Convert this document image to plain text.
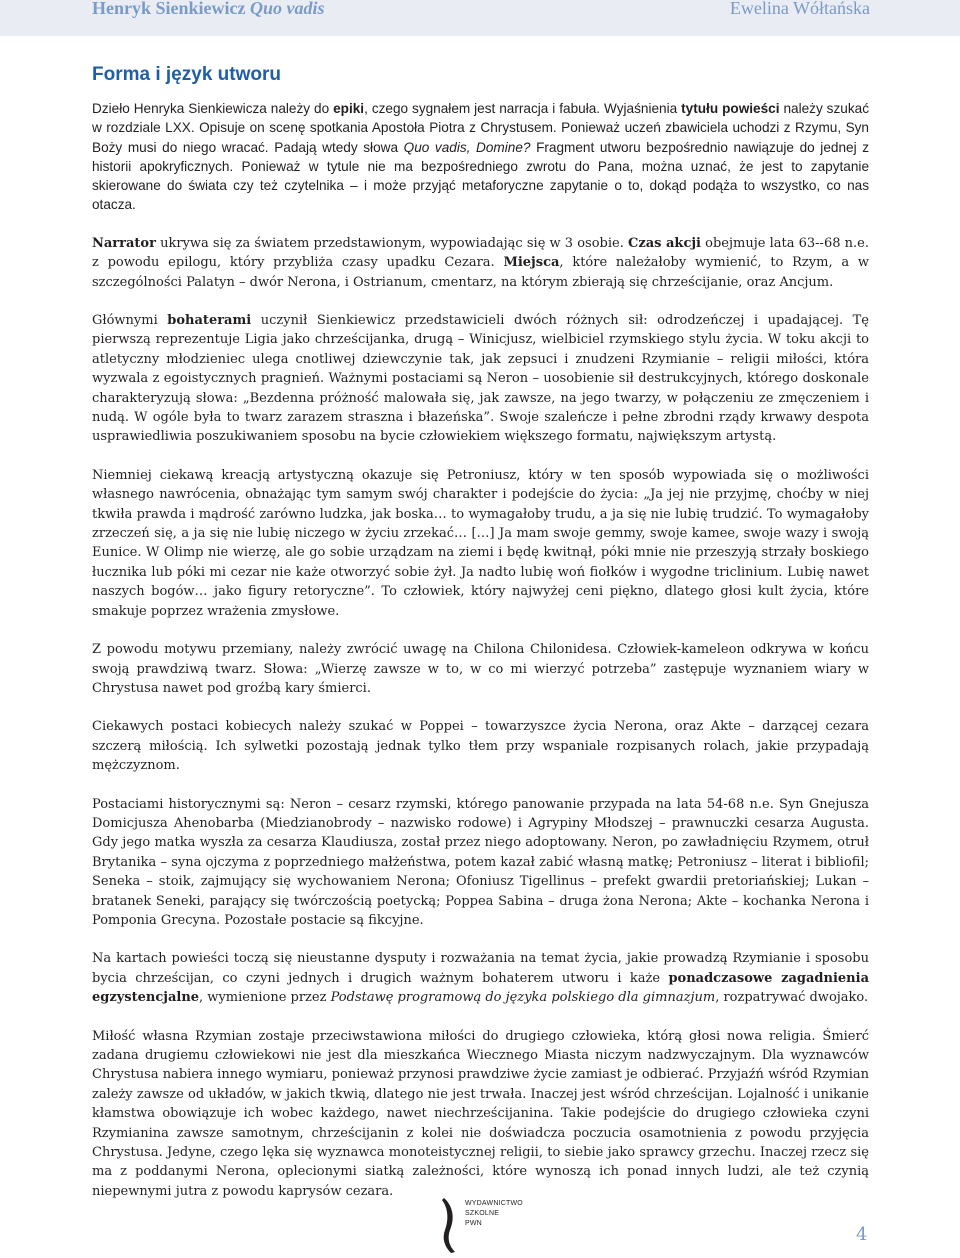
Henryk Sienkiewicz Quo vadis	Ewelina Wółtańska
Forma i język utworu

Dzieło Henryka Sienkiewicza należy do epiki, czego sygnałem jest narracja i fabuła. Wyjaśnienia tytułu powieści należy szukać w rozdziale LXX. Opisuje on scenę spotkania Apostoła Piotra z Chrystusem. Ponieważ uczeń zbawiciela uchodzi z Rzymu, Syn Boży musi do niego wracać. Padają wtedy słowa Quo vadis, Domine? Fragment utworu bezpośrednio nawiązuje do jednej z historii apokryficznych. Ponieważ w tytule nie ma bezpośredniego zwrotu do Pana, można uznać, że jest to zapytanie skierowane do świata czy też czytelnika – i może przyjąć metaforyczne zapytanie o to, dokąd podąża to wszystko, co nas otacza.

Narrator ukrywa się za światem przedstawionym, wypowiadając się w 3 osobie. Czas akcji obejmuje lata 63--68 n.e. z powodu epilogu, który przybliża czasy upadku Cezara. Miejsca, które należałoby wymienić, to Rzym, a w szczególności Palatyn – dwór Nerona, i Ostrianum, cmentarz, na którym zbierają się chrześcijanie, oraz Ancjum.

Głównymi bohaterami uczynił Sienkiewicz przedstawicieli dwóch różnych sił: odrodzeńczej i upadającej. Tę pierwszą reprezentuje Ligia jako chrześcijanka, drugą – Winicjusz, wielbiciel rzymskiego stylu życia. W toku akcji to atletyczny młodzieniec ulega cnotliwej dziewczynie tak, jak zepsuci i znudzeni Rzymianie – religii miłości, która wyzwala z egoistycznych pragnień. Ważnymi postaciami są Neron – uosobienie sił destrukcyjnych, którego doskonale charakteryzują słowa: „Bezdenna próżność malowała się, jak zawsze, na jego twarzy, w połączeniu ze zmęczeniem i nudą. W ogóle była to twarz zarazem straszna i błazeńska”. Swoje szaleńcze i pełne zbrodni rządy krwawy despota usprawiedliwia poszukiwaniem sposobu na bycie człowiekiem większego formatu, największym artystą.

Niemniej ciekawą kreacją artystyczną okazuje się Petroniusz, który w ten sposób wypowiada się o możliwości własnego nawrócenia, obnażając tym samym swój charakter i podejście do życia: „Ja jej nie przyjmę, choćby w niej tkwiła prawda i mądrość zarówno ludzka, jak boska… to wymagałoby trudu, a ja się nie lubię trudzić. To wymagałoby zrzeczeń się, a ja się nie lubię niczego w życiu zrzekać… […] Ja mam swoje gemmy, swoje kamee, swoje wazy i swoją Eunice. W Olimp nie wierzę, ale go sobie urządzam na ziemi i będę kwitnął, póki mnie nie przeszyją strzały boskiego łucznika lub póki mi cezar nie każe otworzyć sobie żył. Ja nadto lubię woń fiołków i wygodne triclinium. Lubię nawet naszych bogów… jako figury retoryczne”. To człowiek, który najwyżej ceni piękno, dlatego głosi kult życia, które smakuje poprzez wrażenia zmysłowe.

Z powodu motywu przemiany, należy zwrócić uwagę na Chilona Chilonidesa. Człowiek-kameleon odkrywa w końcu swoją prawdziwą twarz. Słowa: „Wierzę zawsze w to, w co mi wierzyć potrzeba” zastępuje wyznaniem wiary w Chrystusa nawet pod groźbą kary śmierci.

Ciekawych postaci kobiecych należy szukać w Poppei – towarzyszce życia Nerona, oraz Akte – darzącej cezara szczerą miłością. Ich sylwetki pozostają jednak tylko tłem przy wspaniale rozpisanych rolach, jakie przypadają mężczyznom.

Postaciami historycznymi są: Neron – cesarz rzymski, którego panowanie przypada na lata 54-68 n.e. Syn Gnejusza Domicjusza Ahenobarba (Miedzianobrody – nazwisko rodowe) i Agrypiny Młodszej – prawnuczki cesarza Augusta. Gdy jego matka wyszła za cesarza Klaudiusza, został przez niego adoptowany. Neron, po zawładnięciu Rzymem, otruł Brytanika – syna ojczyma z poprzedniego małżeństwa, potem kazał zabić własną matkę; Petroniusz – literat i bibliofil; Seneka – stoik, zajmujący się wychowaniem Nerona; Ofoniusz Tigellinus – prefekt gwardii pretoriańskiej; Lukan – bratanek Seneki, parający się twórczością poetycką; Poppea Sabina – druga żona Nerona; Akte – kochanka Nerona i Pomponia Grecyna. Pozostałe postacie są fikcyjne.

Na kartach powieści toczą się nieustanne dysputy i rozważania na temat życia, jakie prowadzą Rzymianie i sposobu bycia chrześcijan, co czyni jednych i drugich ważnym bohaterem utworu i każe ponadczasowe zagadnienia egzystencjalne, wymienione przez Podstawę programową do języka polskiego dla gimnazjum, rozpatrywać dwojako.

Miłość własna Rzymian zostaje przeciwstawiona miłości do drugiego człowieka, którą głosi nowa religia. Śmierć zadana drugiemu człowiekowi nie jest dla mieszkańca Wiecznego Miasta niczym nadzwyczajnym. Dla wyznawców Chrystusa nabiera innego wymiaru, ponieważ przynosi prawdziwe życie zamiast je odbierać. Przyjaźń wśród Rzymian zależy zawsze od układów, w jakich tkwią, dlatego nie jest trwała. Inaczej jest wśród chrześcijan. Lojalność i unikanie kłamstwa obowiązuje ich wobec każdego, nawet niechrześcijanina. Takie podejście do drugiego człowieka czyni Rzymianina zawsze samotnym, chrześcijanin z kolei nie doświadcza poczucia osamotnienia z powodu przyjęcia Chrystusa. Jedyne, czego lęka się wyznawca monoteistycznej religii, to siebie jako sprawcy grzechu. Inaczej rzecz się ma z poddanymi Nerona, oplecionymi siatką zależności, które wynoszą ich ponad innych ludzi, ale też czynią niepewnymi jutra z powodu kaprysów cezara.

WYDAWNICTWO
SZKOLNE
PWN
4
